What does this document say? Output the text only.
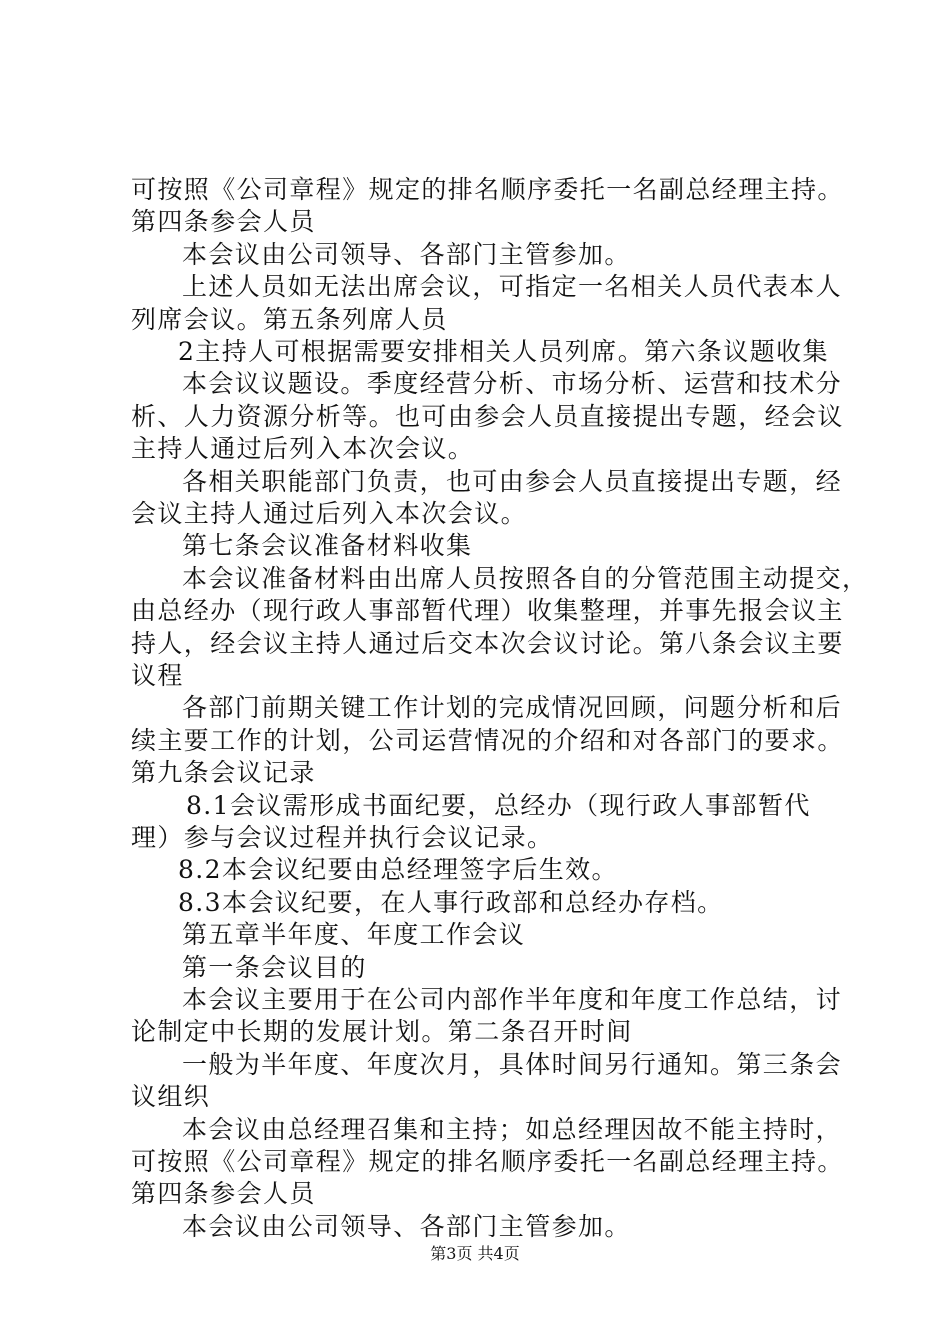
可按照《公司章程》规定的排名顺序委托一名副总经理主持。
第四条参会人员
本会议由公司领导、各部门主管参加。
上述人员如无法出席会议，可指定一名相关人员代表本人
列席会议。第五条列席人员
2主持人可根据需要安排相关人员列席。第六条议题收集
本会议议题设。季度经营分析、市场分析、运营和技术分
析、人力资源分析等。也可由参会人员直接提出专题，经会议
主持人通过后列入本次会议。
各相关职能部门负责，也可由参会人员直接提出专题，经
会议主持人通过后列入本次会议。
第七条会议准备材料收集
本会议准备材料由出席人员按照各自的分管范围主动提交，
由总经办（现行政人事部暂代理）收集整理，并事先报会议主
持人，经会议主持人通过后交本次会议讨论。第八条会议主要
议程
各部门前期关键工作计划的完成情况回顾，问题分析和后
续主要工作的计划，公司运营情况的介绍和对各部门的要求。
第九条会议记录
8.1会议需形成书面纪要，总经办（现行政人事部暂代
理）参与会议过程并执行会议记录。
8.2本会议纪要由总经理签字后生效。
8.3本会议纪要，在人事行政部和总经办存档。
第五章半年度、年度工作会议
第一条会议目的
本会议主要用于在公司内部作半年度和年度工作总结，讨
论制定中长期的发展计划。第二条召开时间
一般为半年度、年度次月，具体时间另行通知。第三条会
议组织
本会议由总经理召集和主持；如总经理因故不能主持时，
可按照《公司章程》规定的排名顺序委托一名副总经理主持。
第四条参会人员
本会议由公司领导、各部门主管参加。
第3页 共4页
